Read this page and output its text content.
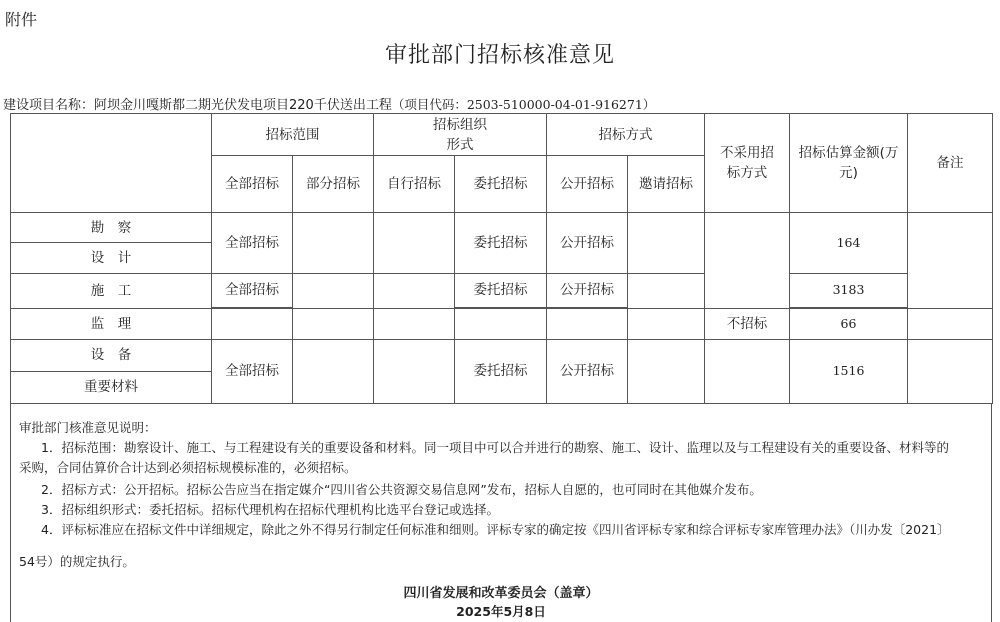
附件
审批部门招标核准意见
建设项目名称：阿坝金川嘎斯都二期光伏发电项目220千伏送出工程（项目代码：2503-510000-04-01-916271）
	招标范围		招标组织形式		招标方式		不采用招标方式	招标估算金额(万元)	备注
	全部招标	部分招标	自行招标	委托招标	公开招标	邀请招标			
勘　察	全部招标			委托招标	公开招标			164	
设　计									
施　工	全部招标			委托招标	公开招标			3183	

监　理							不招标	66	
设　备	全部招标			委托招标	公开招标			1516	
重要材料									
审批部门核准意见说明：
1．招标范围：勘察设计、施工、与工程建设有关的重要设备和材料。同一项目中可以合并进行的勘察、施工、设计、监理以及与工程建设有关的重要设备、材料等的
采购，合同估算价合计达到必须招标规模标准的，必须招标。
2．招标方式：公开招标。招标公告应当在指定媒介“四川省公共资源交易信息网”发布，招标人自愿的，也可同时在其他媒介发布。
3．招标组织形式：委托招标。招标代理机构在招标代理机构比选平台登记或选择。
4．评标标准应在招标文件中详细规定，除此之外不得另行制定任何标准和细则。评标专家的确定按《四川省评标专家和综合评标专家库管理办法》（川办发〔2021〕
54号）的规定执行。
四川省发展和改革委员会（盖章）
2025年5月8日
